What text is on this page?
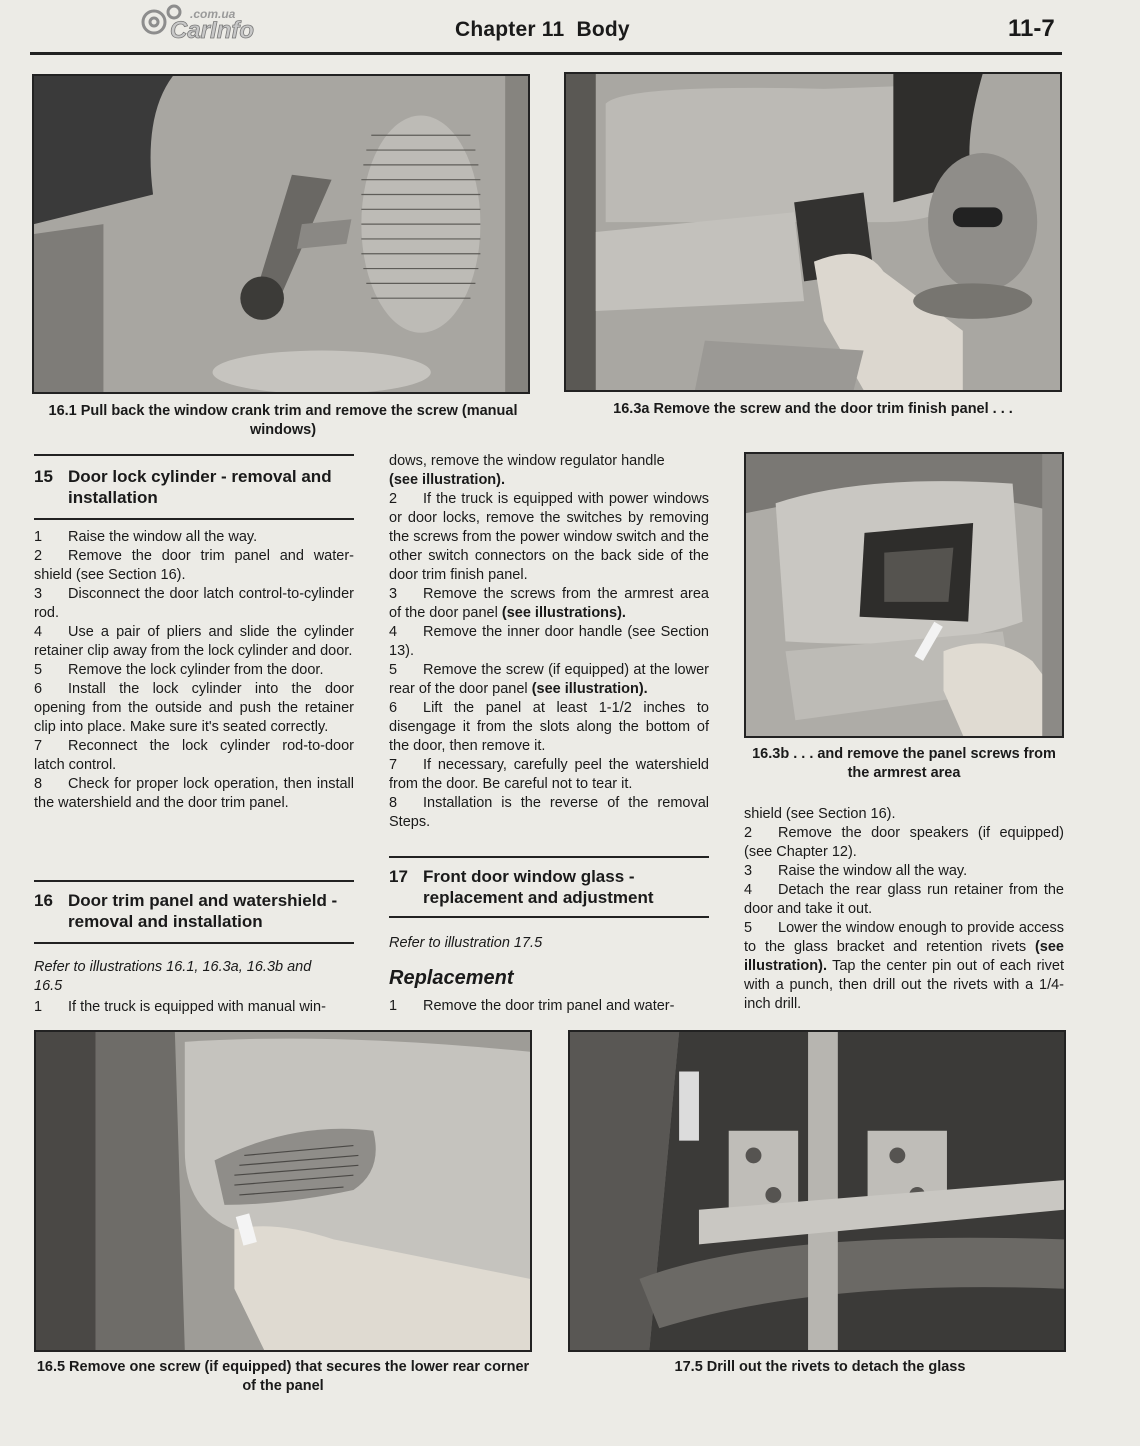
.com.ua
CarInfo	Chapter 11  Body	11-7
16.1 Pull back the window crank trim and remove the screw (manual windows)
16.3a Remove the screw and the door trim finish panel . . .
16.3b . . . and remove the panel screws from the armrest area
15 Door lock cylinder - removal and installation

1 Raise the window all the way.

2 Remove the door trim panel and water-shield (see Section 16).

3 Disconnect the door latch control-to-cylinder rod.

4 Use a pair of pliers and slide the cylinder retainer clip away from the lock cylinder and door.

5 Remove the lock cylinder from the door.

6 Install the lock cylinder into the door opening from the outside and push the retainer clip into place. Make sure it's seated correctly.

7 Reconnect the lock cylinder rod-to-door latch control.

8 Check for proper lock operation, then install the watershield and the door trim panel.

16 Door trim panel and watershield - removal and installation
Refer to illustrations 16.1, 16.3a, 16.3b and 16.5

1 If the truck is equipped with manual win-

dows, remove the window regulator handle
(see illustration).

2 If the truck is equipped with power windows or door locks, remove the switches by removing the screws from the power window switch and the other switch connectors on the back side of the door trim finish panel.

3 Remove the screws from the armrest area of the door panel (see illustrations).

4 Remove the inner door handle (see Section 13).

5 Remove the screw (if equipped) at the lower rear of the door panel (see illustration).

6 Lift the panel at least 1-1/2 inches to disengage it from the slots along the bottom of the door, then remove it.

7 If necessary, carefully peel the watershield from the door. Be careful not to tear it.

8 Installation is the reverse of the removal Steps.

17 Front door window glass - replacement and adjustment
Refer to illustration 17.5
Replacement

1 Remove the door trim panel and water-

shield (see Section 16).

2 Remove the door speakers (if equipped) (see Chapter 12).

3 Raise the window all the way.

4 Detach the rear glass run retainer from the door and take it out.

5 Lower the window enough to provide access to the glass bracket and retention rivets (see illustration). Tap the center pin out of each rivet with a punch, then drill out the rivets with a 1/4-inch drill.

16.5 Remove one screw (if equipped) that secures the lower rear corner of the panel
17.5 Drill out the rivets to detach the glass
